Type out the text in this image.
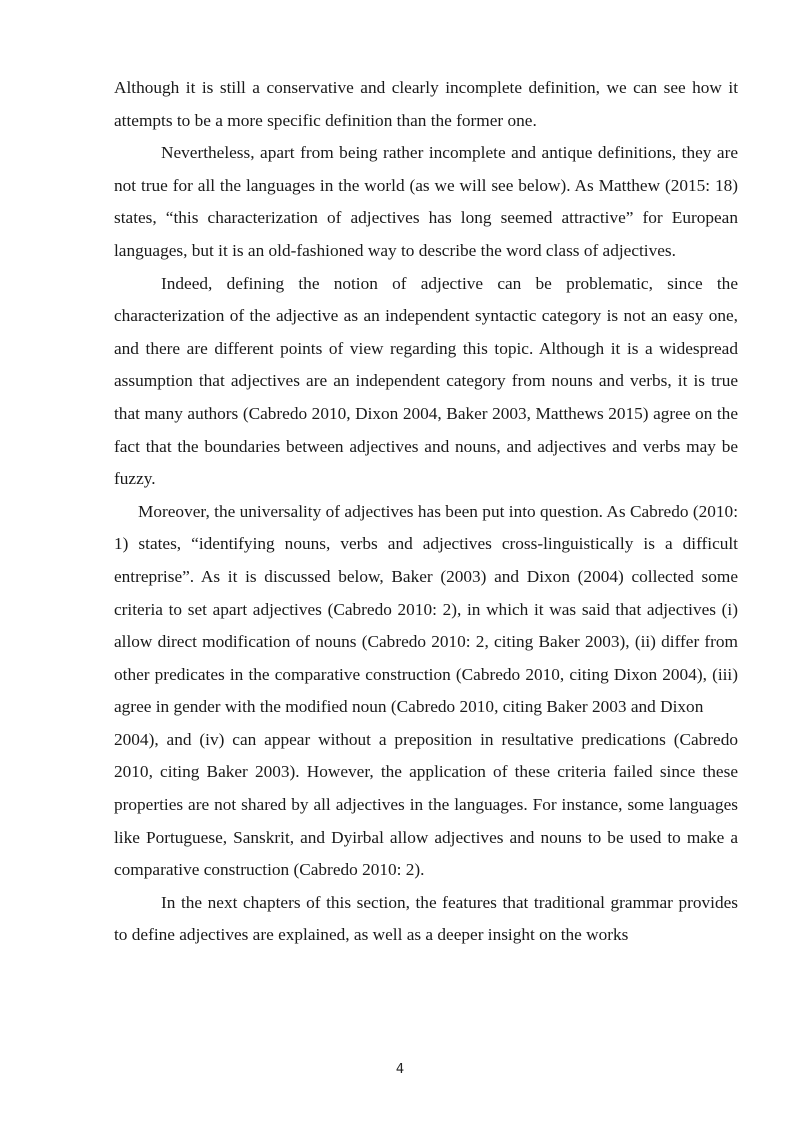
Although it is still a conservative and clearly incomplete definition, we can see how it attempts to be a more specific definition than the former one.

Nevertheless, apart from being rather incomplete and antique definitions, they are not true for all the languages in the world (as we will see below). As Matthew (2015: 18) states, “this characterization of adjectives has long seemed attractive” for European languages, but it is an old-fashioned way to describe the word class of adjectives.

Indeed, defining the notion of adjective can be problematic, since the characterization of the adjective as an independent syntactic category is not an easy one, and there are different points of view regarding this topic. Although it is a widespread assumption that adjectives are an independent category from nouns and verbs, it is true that many authors (Cabredo 2010, Dixon 2004, Baker 2003, Matthews 2015) agree on the fact that the boundaries between adjectives and nouns, and adjectives and verbs may be fuzzy.

Moreover, the universality of adjectives has been put into question. As Cabredo (2010: 1) states, “identifying nouns, verbs and adjectives cross-linguistically is a difficult entreprise”. As it is discussed below, Baker (2003) and Dixon (2004) collected some criteria to set apart adjectives (Cabredo 2010: 2), in which it was said that adjectives (i) allow direct modification of nouns (Cabredo 2010: 2, citing Baker 2003), (ii) differ from other predicates in the comparative construction (Cabredo 2010, citing Dixon 2004), (iii) agree in gender with the modified noun (Cabredo 2010, citing Baker 2003 and Dixon

2004), and (iv) can appear without a preposition in resultative predications (Cabredo 2010, citing Baker 2003). However, the application of these criteria failed since these properties are not shared by all adjectives in the languages. For instance, some languages like Portuguese, Sanskrit, and Dyirbal allow adjectives and nouns to be used to make a comparative construction (Cabredo 2010: 2).

In the next chapters of this section, the features that traditional grammar provides to define adjectives are explained, as well as a deeper insight on the works

4
